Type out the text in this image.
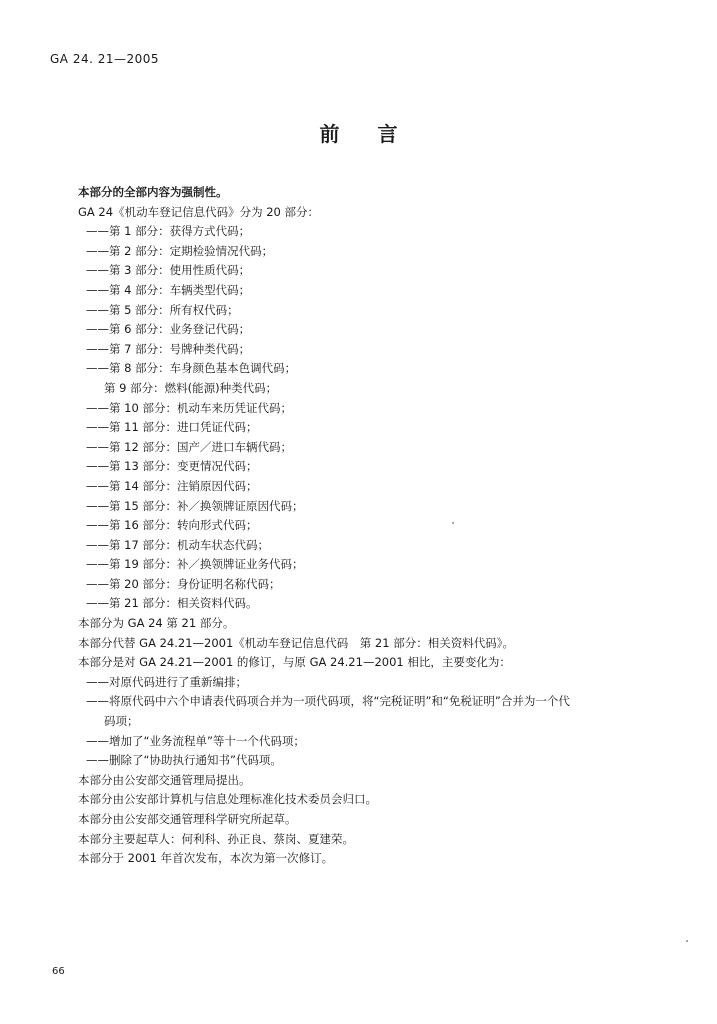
GA 24. 21—2005
前言
本部分的全部内容为强制性。
GA 24《机动车登记信息代码》分为 20 部分：
——第 1 部分：获得方式代码；
——第 2 部分：定期检验情况代码；
——第 3 部分：使用性质代码；
——第 4 部分：车辆类型代码；
——第 5 部分：所有权代码；
——第 6 部分：业务登记代码；
——第 7 部分：号牌种类代码；
——第 8 部分：车身颜色基本色调代码；
第 9 部分：燃料(能源)种类代码；
——第 10 部分：机动车来历凭证代码；
——第 11 部分：进口凭证代码；
——第 12 部分：国产／进口车辆代码；
——第 13 部分：变更情况代码；
——第 14 部分：注销原因代码；
——第 15 部分：补／换领牌证原因代码；
——第 16 部分：转向形式代码；
——第 17 部分：机动车状态代码；
——第 19 部分：补／换领牌证业务代码；
——第 20 部分：身份证明名称代码；
——第 21 部分：相关资料代码。
本部分为 GA 24 第 21 部分。
本部分代替 GA 24.21—2001《机动车登记信息代码　第 21 部分：相关资料代码》。
本部分是对 GA 24.21—2001 的修订，与原 GA 24.21—2001 相比，主要变化为：
——对原代码进行了重新编排；
——将原代码中六个申请表代码项合并为一项代码项，将“完税证明”和“免税证明”合并为一个代
码项；
——增加了“业务流程单”等十一个代码项；
——删除了“协助执行通知书”代码项。
本部分由公安部交通管理局提出。
本部分由公安部计算机与信息处理标准化技术委员会归口。
本部分由公安部交通管理科学研究所起草。
本部分主要起草人：何利科、孙正良、蔡岗、夏建荣。
本部分于 2001 年首次发布，本次为第一次修订。
66
